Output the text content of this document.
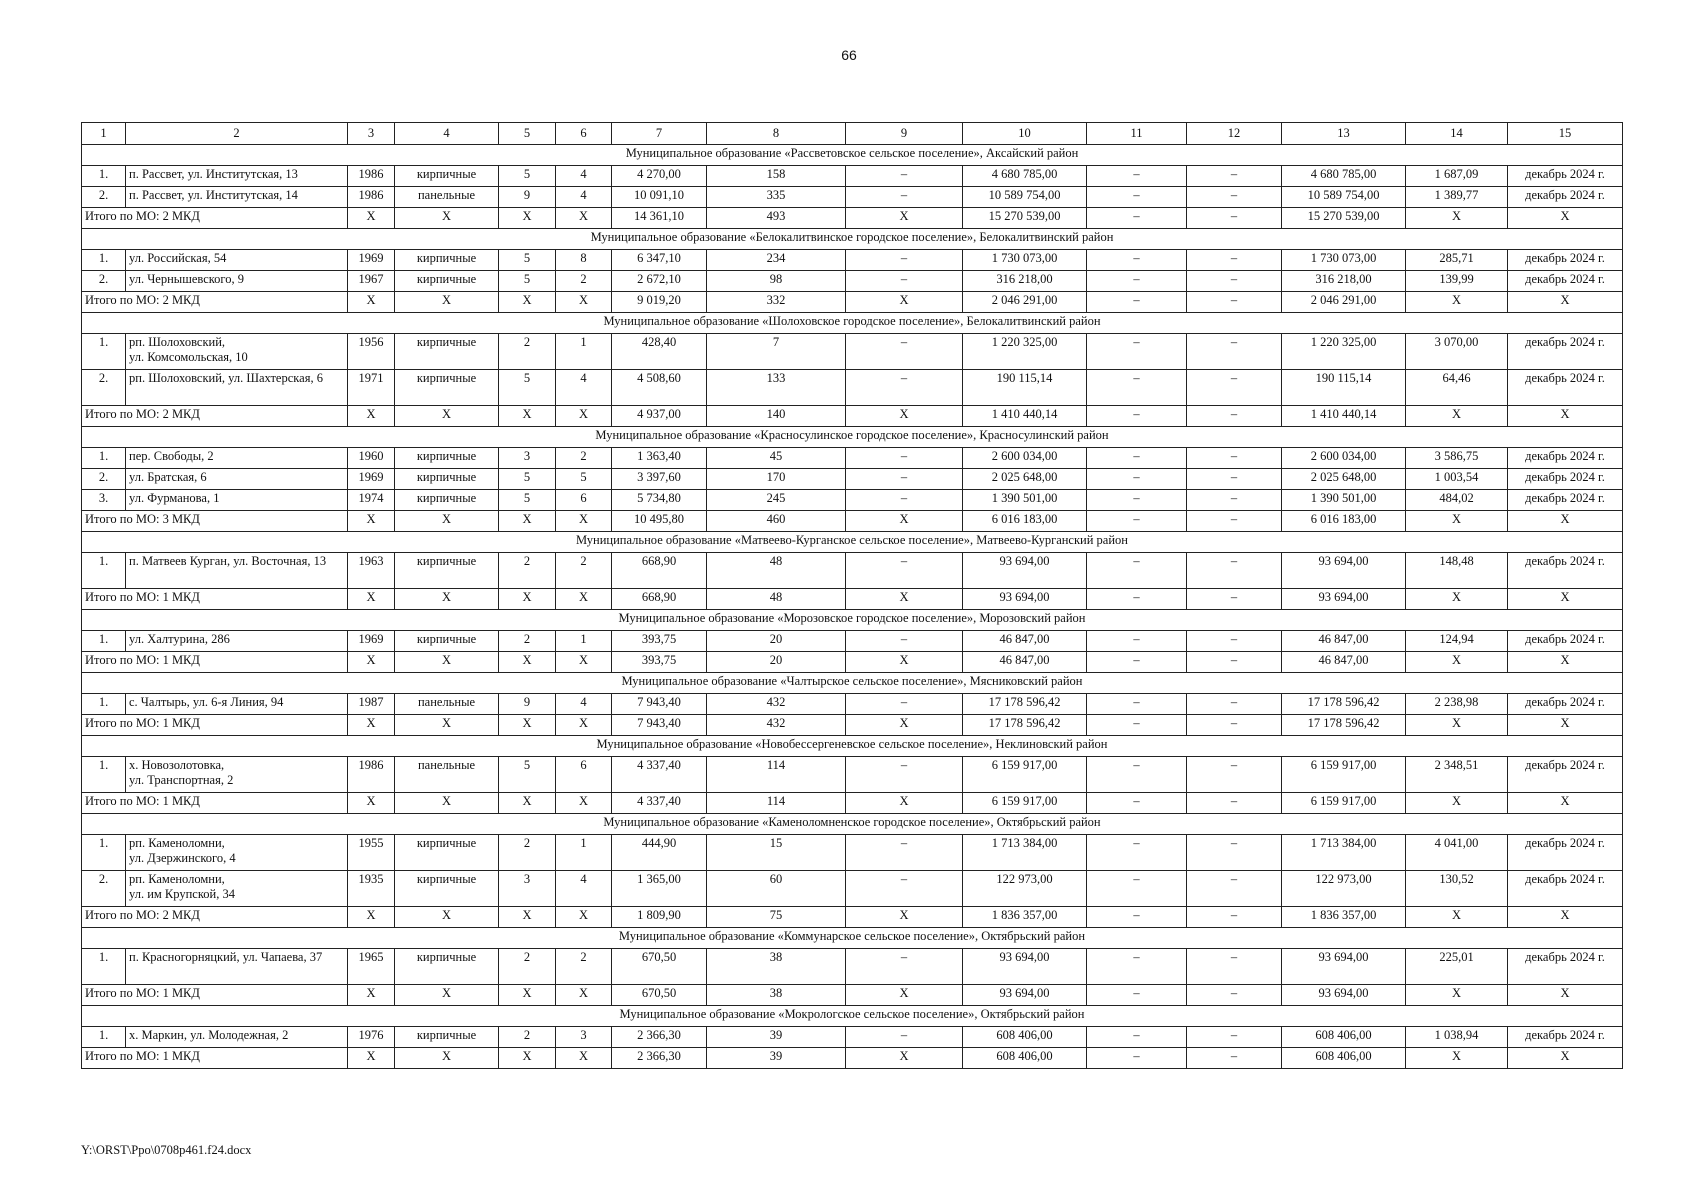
66
1	2	3	4	5	6	7	8	9	10	11	12	13	14	15
Муниципальное образование «Рассветовское сельское поселение», Аксайский район														
1.	п. Рассвет, ул. Институтская, 13	1986	кирпичные	5	4	4 270,00	158	–	4 680 785,00	–	–	4 680 785,00	1 687,09	декабрь 2024 г.
2.	п. Рассвет, ул. Институтская, 14	1986	панельные	9	4	10 091,10	335	–	10 589 754,00	–	–	10 589 754,00	1 389,77	декабрь 2024 г.
Итого по МО: 2 МКД		X	X	X	X	14 361,10	493	X	15 270 539,00	–	–	15 270 539,00	X	X
Муниципальное образование «Белокалитвинское городское поселение», Белокалитвинский район														
1.	ул. Российская, 54	1969	кирпичные	5	8	6 347,10	234	–	1 730 073,00	–	–	1 730 073,00	285,71	декабрь 2024 г.
2.	ул. Чернышевского, 9	1967	кирпичные	5	2	2 672,10	98	–	316 218,00	–	–	316 218,00	139,99	декабрь 2024 г.
Итого по МО: 2 МКД		X	X	X	X	9 019,20	332	X	2 046 291,00	–	–	2 046 291,00	X	X
Муниципальное образование «Шолоховское городское поселение», Белокалитвинский район														
1.	рп. Шолоховский,
ул. Комсомольская, 10	1956	кирпичные	2	1	428,40	7	–	1 220 325,00	–	–	1 220 325,00	3 070,00	декабрь 2024 г.
2.	рп. Шолоховский, ул. Шахтерская, 6	1971	кирпичные	5	4	4 508,60	133	–	190 115,14	–	–	190 115,14	64,46	декабрь 2024 г.
Итого по МО: 2 МКД		X	X	X	X	4 937,00	140	X	1 410 440,14	–	–	1 410 440,14	X	X
Муниципальное образование «Красносулинское городское поселение», Красносулинский район														
1.	пер. Свободы, 2	1960	кирпичные	3	2	1 363,40	45	–	2 600 034,00	–	–	2 600 034,00	3 586,75	декабрь 2024 г.
2.	ул. Братская, 6	1969	кирпичные	5	5	3 397,60	170	–	2 025 648,00	–	–	2 025 648,00	1 003,54	декабрь 2024 г.
3.	ул. Фурманова, 1	1974	кирпичные	5	6	5 734,80	245	–	1 390 501,00	–	–	1 390 501,00	484,02	декабрь 2024 г.
Итого по МО: 3 МКД		X	X	X	X	10 495,80	460	X	6 016 183,00	–	–	6 016 183,00	X	X
Муниципальное образование «Матвеево-Курганское сельское поселение», Матвеево-Курганский район														
1.	п. Матвеев Курган, ул. Восточная, 13	1963	кирпичные	2	2	668,90	48	–	93 694,00	–	–	93 694,00	148,48	декабрь 2024 г.
Итого по МО: 1 МКД		X	X	X	X	668,90	48	X	93 694,00	–	–	93 694,00	X	X
Муниципальное образование «Морозовское городское поселение», Морозовский район														
1.	ул. Халтурина, 286	1969	кирпичные	2	1	393,75	20	–	46 847,00	–	–	46 847,00	124,94	декабрь 2024 г.
Итого по МО: 1 МКД		X	X	X	X	393,75	20	X	46 847,00	–	–	46 847,00	X	X
Муниципальное образование «Чалтырское сельское поселение», Мясниковский район														
1.	с. Чалтырь, ул. 6-я Линия, 94	1987	панельные	9	4	7 943,40	432	–	17 178 596,42	–	–	17 178 596,42	2 238,98	декабрь 2024 г.
Итого по МО: 1 МКД		X	X	X	X	7 943,40	432	X	17 178 596,42	–	–	17 178 596,42	X	X
Муниципальное образование «Новобессергеневское сельское поселение», Неклиновский район														
1.	х. Новозолотовка,
ул. Транспортная, 2	1986	панельные	5	6	4 337,40	114	–	6 159 917,00	–	–	6 159 917,00	2 348,51	декабрь 2024 г.
Итого по МО: 1 МКД		X	X	X	X	4 337,40	114	X	6 159 917,00	–	–	6 159 917,00	X	X
Муниципальное образование «Каменоломненское городское поселение», Октябрьский район														
1.	рп. Каменоломни,
ул. Дзержинского, 4	1955	кирпичные	2	1	444,90	15	–	1 713 384,00	–	–	1 713 384,00	4 041,00	декабрь 2024 г.
2.	рп. Каменоломни,
ул. им Крупской, 34	1935	кирпичные	3	4	1 365,00	60	–	122 973,00	–	–	122 973,00	130,52	декабрь 2024 г.
Итого по МО: 2 МКД		X	X	X	X	1 809,90	75	X	1 836 357,00	–	–	1 836 357,00	X	X
Муниципальное образование «Коммунарское сельское поселение», Октябрьский район														
1.	п. Красногорняцкий, ул. Чапаева, 37	1965	кирпичные	2	2	670,50	38	–	93 694,00	–	–	93 694,00	225,01	декабрь 2024 г.
Итого по МО: 1 МКД		X	X	X	X	670,50	38	X	93 694,00	–	–	93 694,00	X	X
Муниципальное образование «Мокрологское сельское поселение», Октябрьский район														
1.	х. Маркин, ул. Молодежная, 2	1976	кирпичные	2	3	2 366,30	39	–	608 406,00	–	–	608 406,00	1 038,94	декабрь 2024 г.
Итого по МО: 1 МКД		X	X	X	X	2 366,30	39	X	608 406,00	–	–	608 406,00	X	X
Y:\ORST\Ppo\0708p461.f24.docx
